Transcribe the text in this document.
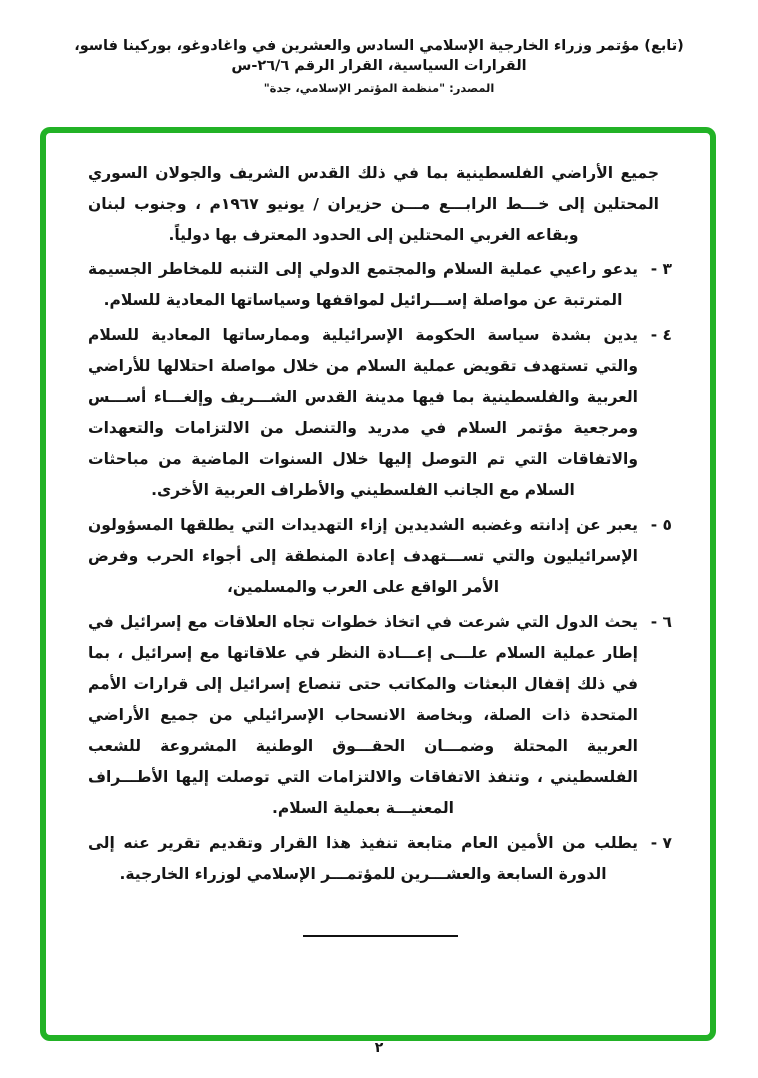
(تابع) مؤتمر وزراء الخارجية الإسلامي السادس والعشرين في واغادوغو، بوركينا فاسو، القرارات السياسية، القرار الرقم ٢٦/٦-س
المصدر: "منظمة المؤتمر الإسلامي، جدة"

جميع الأراضي الفلسطينية بما في ذلك القدس الشريف والجولان السوري المحتلين إلى خـــط الرابـــع مـــن حزيران / يونيو ١٩٦٧م ، وجنوب لبنان وبقاعه الغربي المحتلين إلى الحدود المعترف بها دولياً.

٣ -
يدعو راعيي عملية السلام والمجتمع الدولي إلى التنبه للمخاطر الجسيمة المترتبة عن مواصلة إســـرائيل لمواقفها وسياساتها المعادية للسلام.
٤ -
يدين بشدة سياسة الحكومة الإسرائيلية وممارساتها المعادية للسلام والتي تستهدف تقويض عملية السلام من خلال مواصلة احتلالها للأراضي العربية والفلسطينية بما فيها مدينة القدس الشـــريف وإلغـــاء أســـس ومرجعية مؤتمر السلام في مدريد والتنصل من الالتزامات والتعهدات والاتفاقات التي تم التوصل إليها خلال السنوات الماضية من مباحثات السلام مع الجانب الفلسطيني والأطراف العربية الأخرى.
٥ -
يعبر عن إدانته وغضبه الشديدين إزاء التهديدات التي يطلقها المسؤولون الإسرائيليون والتي تســـتهدف إعادة المنطقة إلى أجواء الحرب وفرض الأمر الواقع على العرب والمسلمين،
٦ -
يحث الدول التي شرعت في اتخاذ خطوات تجاه العلاقات مع إسرائيل في إطار عملية السلام علـــى إعـــادة النظر في علاقاتها مع إسرائيل ، بما في ذلك إقفال البعثات والمكاتب حتى تنصاع إسرائيل إلى قرارات الأمم المتحدة ذات الصلة، وبخاصة الانسحاب الإسرائيلي من جميع الأراضي العربية المحتلة وضمـــان الحقـــوق الوطنية المشروعة للشعب الفلسطيني ، وتنفذ الاتفاقات والالتزامات التي توصلت إليها الأطـــراف المعنيـــة بعملية السلام.
٧ -
يطلب من الأمين العام متابعة تنفيذ هذا القرار وتقديم تقرير عنه إلى الدورة السابعة والعشـــرين للمؤتمـــر الإسلامي لوزراء الخارجية.
٢
